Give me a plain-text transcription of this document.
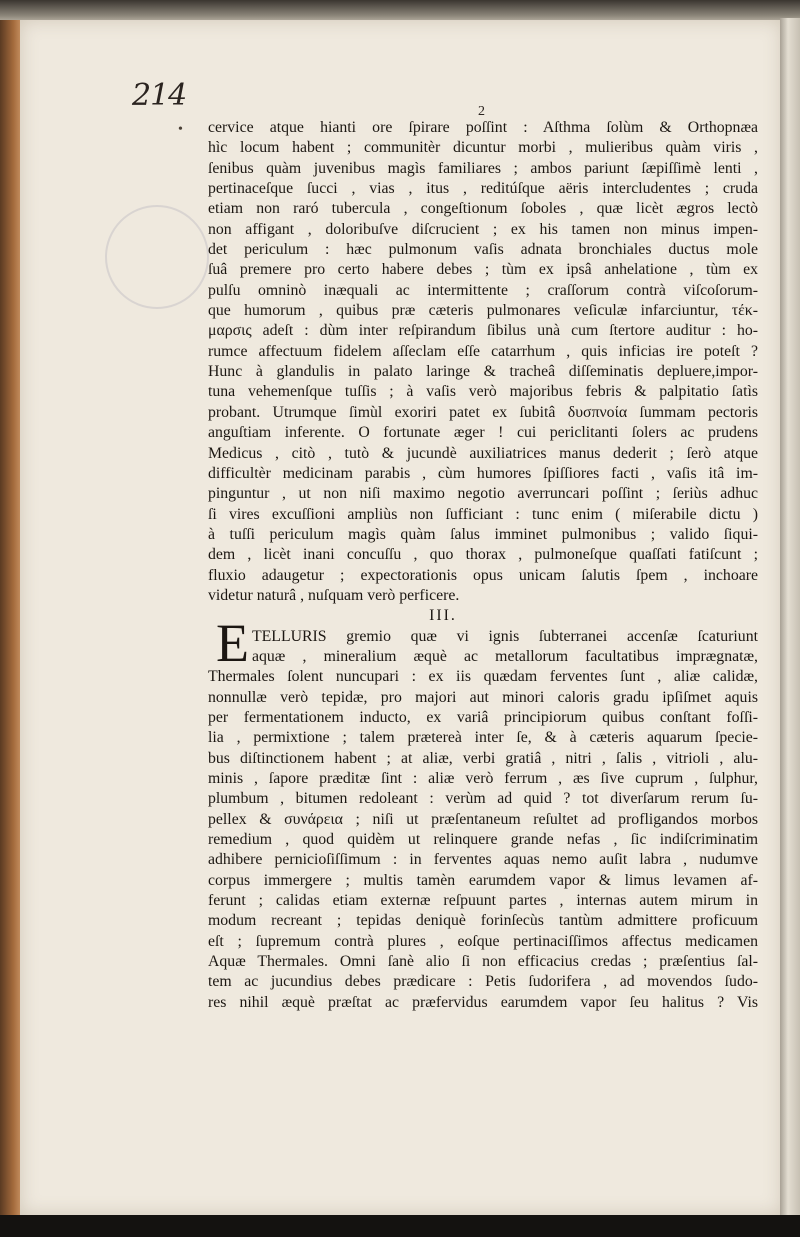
214	2
• cervice atque hianti ore ſpirare poſſint : Aſthma ſolùm & Orthopnæa
hìc locum habent ; communitèr dicuntur morbi , mulieribus quàm viris ,
ſenibus quàm juvenibus magìs familiares ; ambos pariunt ſæpiſſimè lenti ,
pertinaceſque ſucci , vias , itus , reditúſque aëris intercludentes ; cruda
etiam non raró tubercula , congeſtionum ſoboles , quæ licèt ægros lectò
non affigant , doloribuſve diſcrucient ; ex his tamen non minus impen-
det periculum : hæc pulmonum vaſis adnata bronchiales ductus mole
ſuâ premere pro certo habere debes ; tùm ex ipsâ anhelatione , tùm ex
pulſu omninò inæquali ac intermittente ; craſſorum contrà viſcoſorum-
que humorum , quibus præ cæteris pulmonares veſiculæ infarciuntur, τέκ-
μαρσις adeſt : dùm inter reſpirandum ſibilus unà cum ſtertore auditur : ho-
rumce affectuum fidelem aſſeclam eſſe catarrhum , quis inficias ire poteſt ?
Hunc à glandulis in palato laringe & tracheâ diſſeminatis depluere,impor-
tuna vehemenſque tuſſis ; à vaſis verò majoribus febris & palpitatio ſatìs
probant. Utrumque ſimùl exoriri patet ex ſubitâ δυσπνοία ſummam pectoris
anguſtiam inferente. O fortunate æger ! cui periclitanti ſolers ac prudens
Medicus , citò , tutò & jucundè auxiliatrices manus dederit ; ſerò atque
difficultèr medicinam parabis , cùm humores ſpiſſiores facti , vaſis itâ im-
pinguntur , ut non niſi maximo negotio averruncari poſſint ; ſeriùs adhuc
ſi vires excuſſioni ampliùs non ſufficiant : tunc enim ( miſerabile dictu )
à tuſſi periculum magìs quàm ſalus imminet pulmonibus ; valido ſiqui-
dem , licèt inani concuſſu , quo thorax , pulmoneſque quaſſati fatiſcunt ;
fluxio adaugetur ; expectorationis opus unicam ſalutis ſpem , inchoare
videtur naturâ , nuſquam verò perficere.
III.
TELLURIS gremio quæ vi ignis ſubterranei accenſæ ſcaturiunt
aquæ , mineralium æquè ac metallorum facultatibus imprægnatæ,
Thermales ſolent nuncupari : ex iis quædam ferventes ſunt , aliæ calidæ,
nonnullæ verò tepidæ, pro majori aut minori caloris gradu ipſiſmet aquis
per fermentationem inducto, ex variâ principiorum quibus conſtant foſſi-
lia , permixtione ; talem prætereà inter ſe, & à cæteris aquarum ſpecie-
bus diſtinctionem habent ; at aliæ, verbi gratiâ , nitri , ſalis , vitrioli , alu-
minis , ſapore præditæ ſint : aliæ verò ferrum , æs ſive cuprum , ſulphur,
plumbum , bitumen redoleant : verùm ad quid ? tot diverſarum rerum ſu-
pellex & συνάρεια ; niſi ut præſentaneum reſultet ad profligandos morbos
remedium , quod quidèm ut relinquere grande nefas , ſic indiſcriminatim
adhibere pernicioſiſſimum : in ferventes aquas nemo auſit labra , nudumve
corpus immergere ; multis tamèn earumdem vapor & limus levamen af-
ferunt ; calidas etiam externæ reſpuunt partes , internas autem mirum in
modum recreant ; tepidas deniquè forinſecùs tantùm admittere proficuum
eſt ; ſupremum contrà plures , eoſque pertinaciſſimos affectus medicamen
Aquæ Thermales. Omni ſanè alio ſi non efficacius credas ; præſentius ſal-
tem ac jucundius debes prædicare : Petis ſudorifera , ad movendos ſudo-
res nihil æquè præſtat ac præfervidus earumdem vapor ſeu halitus ? Vis
E
